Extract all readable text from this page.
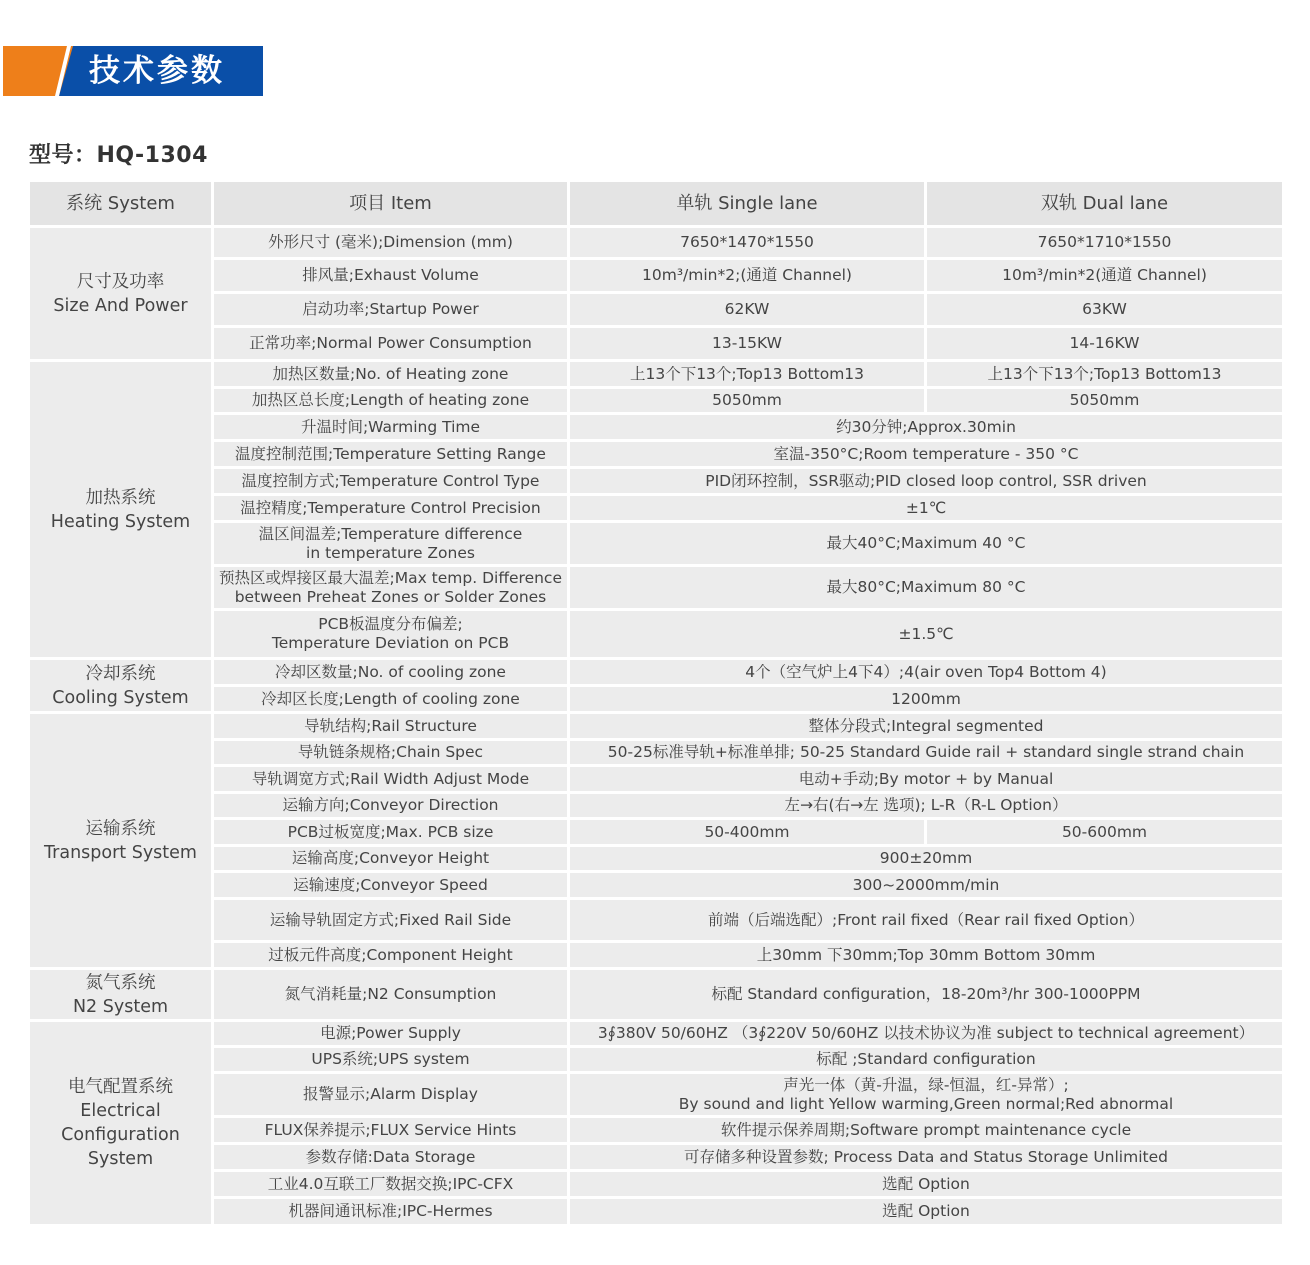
技术参数
型号：HQ-1304
系统 System	项目 Item	单轨 Single lane	双轨 Dual lane

尺寸及功率
Size And Power	外形尺寸 (毫米);Dimension (mm)	7650*1470*1550	7650*1710*1550
	排风量;Exhaust Volume	10m³/min*2;(通道 Channel)	10m³/min*2(通道 Channel)
	启动功率;Startup Power	62KW	63KW
	正常功率;Normal Power Consumption	13-15KW	14-16KW

加热系统
Heating System	加热区数量;No. of Heating zone	上13个下13个;Top13 Bottom13	上13个下13个;Top13 Bottom13
	加热区总长度;Length of heating zone	5050mm	5050mm
	升温时间;Warming Time	约30分钟;Approx.30min	
	温度控制范围;Temperature Setting Range	室温-350°C;Room temperature - 350 °C	
	温度控制方式;Temperature Control Type	PID闭环控制，SSR驱动;PID closed loop control, SSR driven	
	温控精度;Temperature Control Precision	±1℃	

	温区间温差;Temperature difference
in temperature Zones	最大40°C;Maximum 40 °C	

	预热区或焊接区最大温差;Max temp. Difference
between Preheat Zones or Solder Zones	最大80°C;Maximum 80 °C	

	PCB板温度分布偏差;
Temperature Deviation on PCB	±1.5℃	

冷却系统
Cooling System	冷却区数量;No. of cooling zone	4个（空气炉上4下4）;4(air oven Top4 Bottom 4)	
	冷却区长度;Length of cooling zone	1200mm	

运输系统
Transport System	导轨结构;Rail Structure	整体分段式;Integral segmented	
	导轨链条规格;Chain Spec	50-25标准导轨+标准单排; 50-25 Standard Guide rail + standard single strand chain	
	导轨调宽方式;Rail Width Adjust Mode	电动+手动;By motor + by Manual	
	运输方向;Conveyor Direction	左→右(右→左 选项); L-R（R-L Option）	
	PCB过板宽度;Max. PCB size	50-400mm	50-600mm
	运输高度;Conveyor Height	900±20mm	
	运输速度;Conveyor Speed	300~2000mm/min	
	运输导轨固定方式;Fixed Rail Side	前端（后端选配）;Front rail fixed（Rear rail fixed Option）	
	过板元件高度;Component Height	上30mm 下30mm;Top 30mm Bottom 30mm	

氮气系统
N2 System	氮气消耗量;N2 Consumption	标配 Standard configuration，18-20m³/hr 300-1000PPM	

电气配置系统
Electrical
Configuration
System	电源;Power Supply	3∮380V 50/60HZ （3∮220V 50/60HZ 以技术协议为准 subject to technical agreement）	
	UPS系统;UPS system	标配 ;Standard configuration	
	报警显示;Alarm Display	声光一体（黄-升温，绿-恒温，红-异常）;
By sound and light Yellow warming,Green normal;Red abnormal	

	FLUX保养提示;FLUX Service Hints	软件提示保养周期;Software prompt maintenance cycle	
	参数存储:Data Storage	可存储多种设置参数; Process Data and Status Storage Unlimited	
	工业4.0互联工厂数据交换;IPC-CFX	选配 Option	
	机器间通讯标准;IPC-Hermes	选配 Option	
